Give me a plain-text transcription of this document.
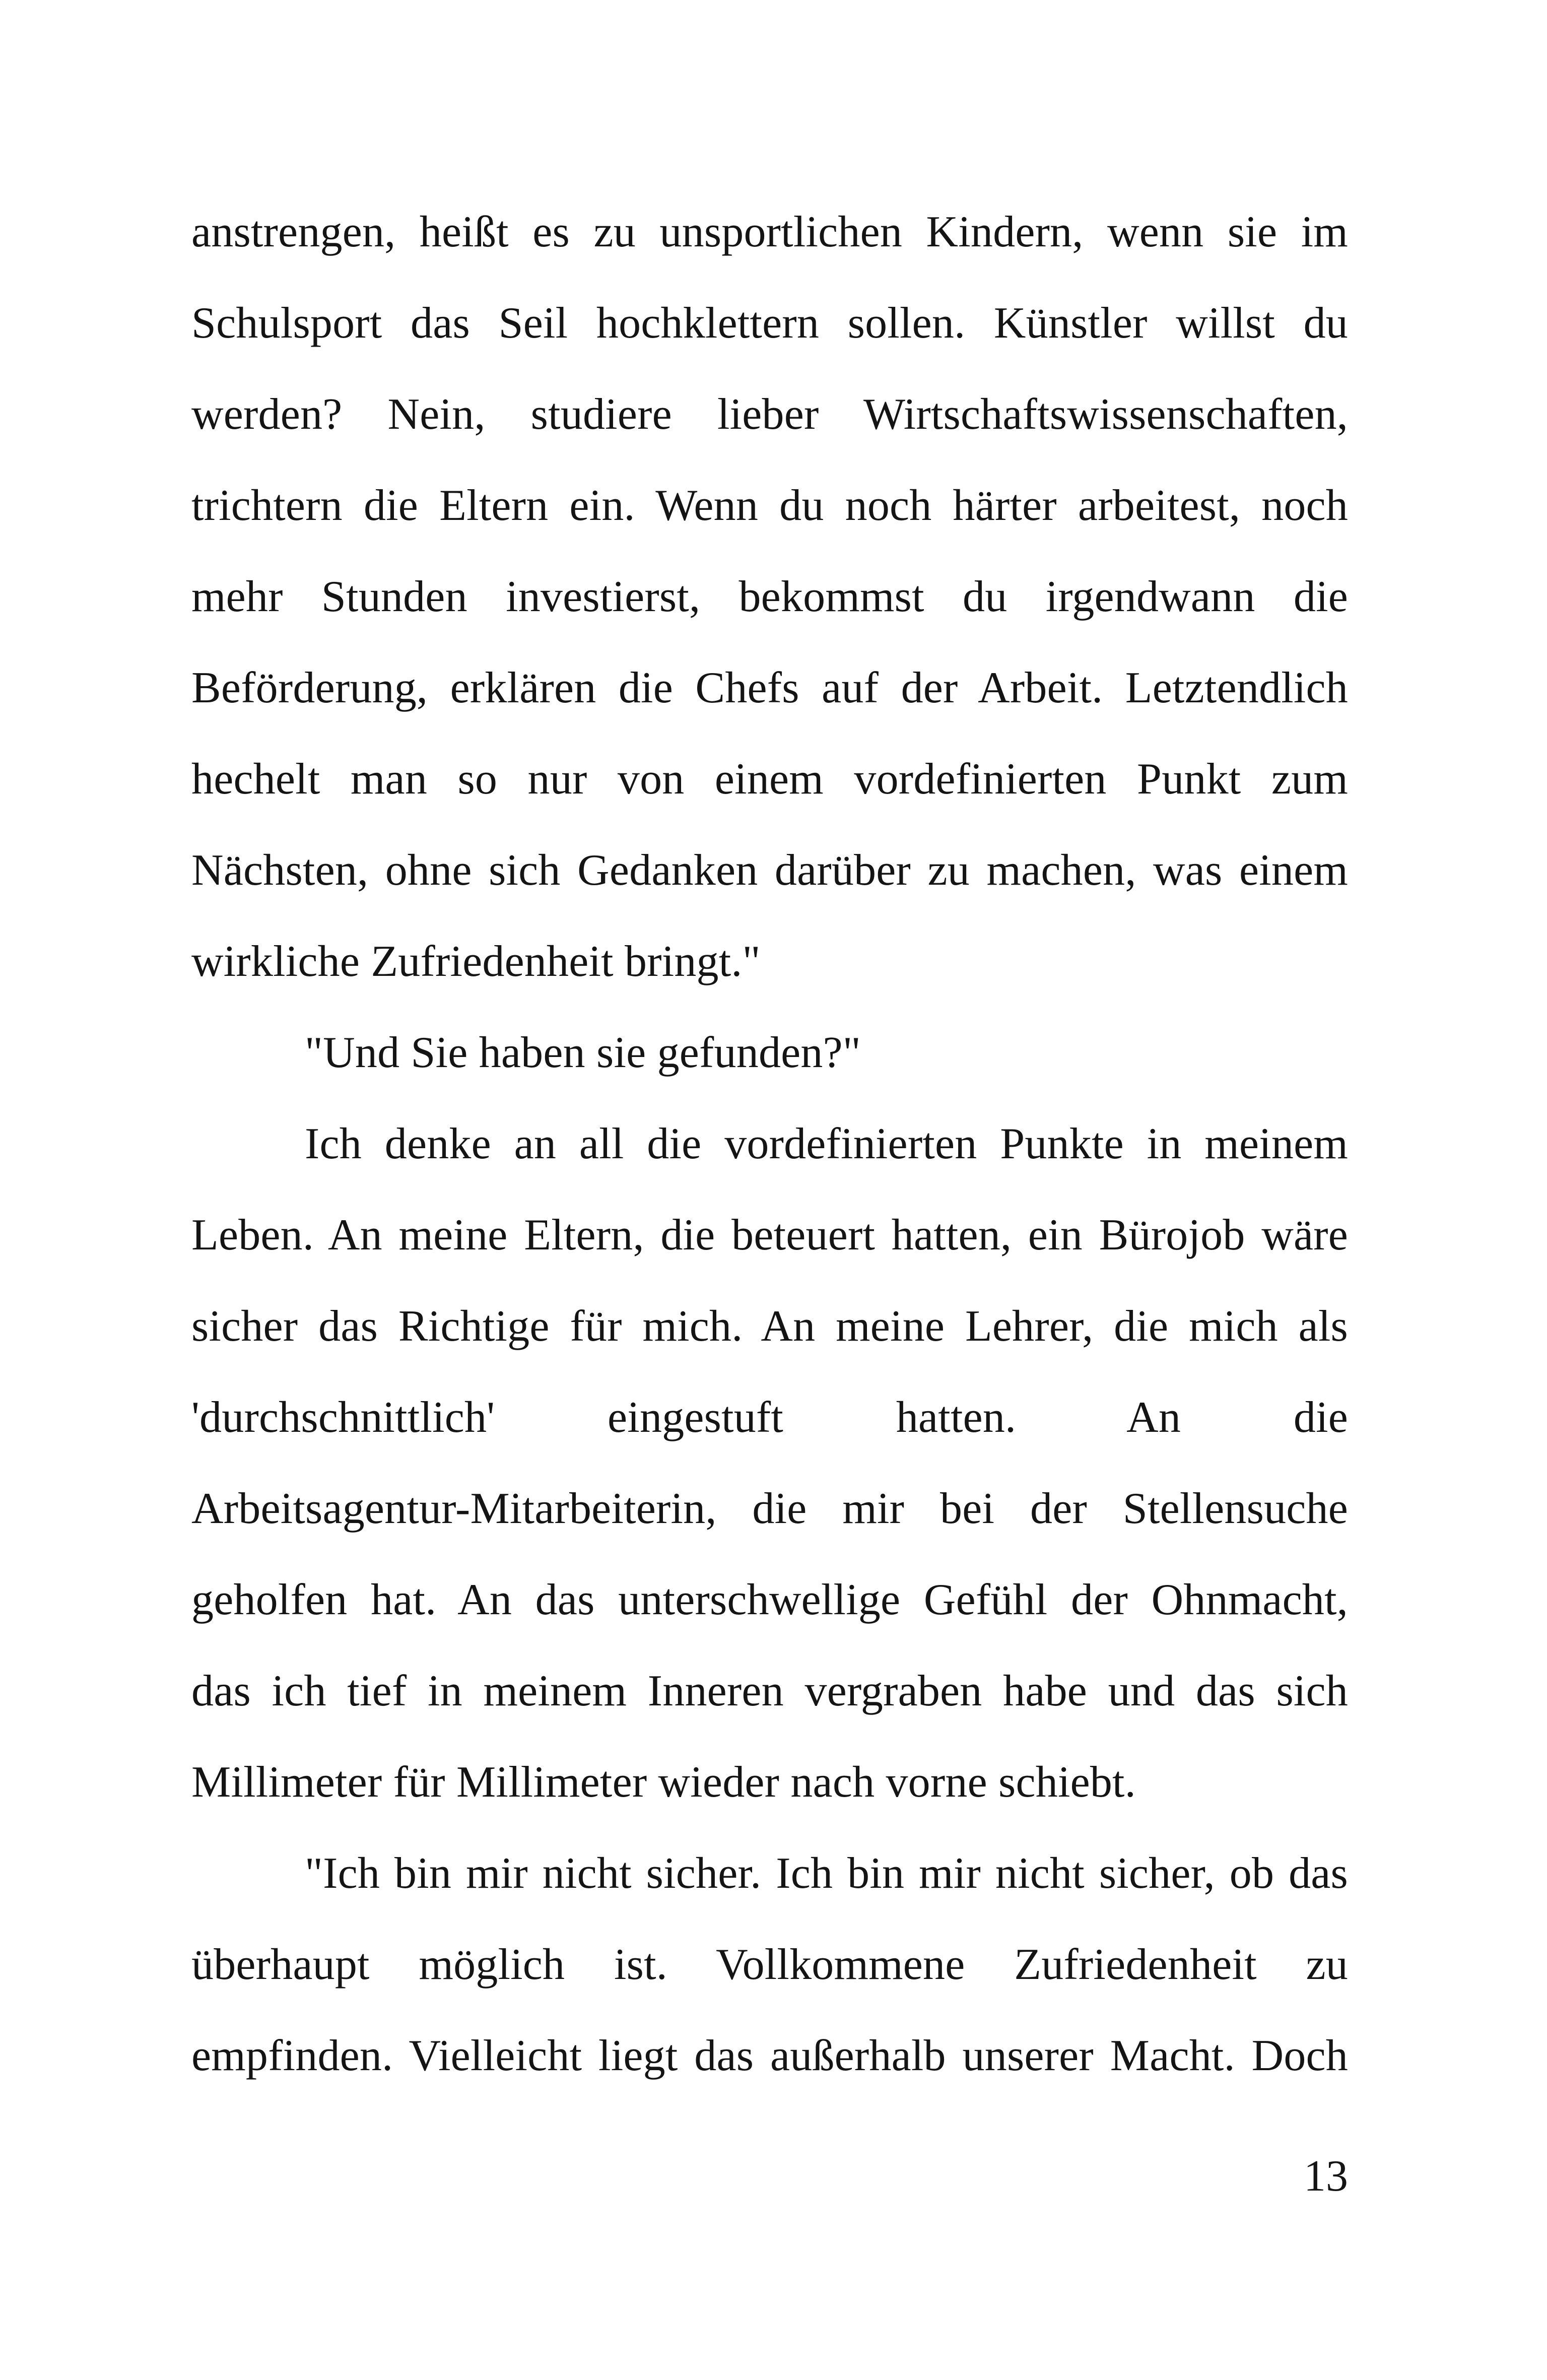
anstrengen, heißt es zu unsportlichen Kindern, wenn sie im
Schulsport das Seil hochklettern sollen. Künstler willst du
werden? Nein, studiere lieber Wirtschaftswissenschaften,
trichtern die Eltern ein. Wenn du noch härter arbeitest, noch
mehr Stunden investierst, bekommst du irgendwann die
Beförderung, erklären die Chefs auf der Arbeit. Letztendlich
hechelt man so nur von einem vordefinierten Punkt zum
Nächsten, ohne sich Gedanken darüber zu machen, was einem
wirkliche Zufriedenheit bringt."
"Und Sie haben sie gefunden?"
Ich denke an all die vordefinierten Punkte in meinem
Leben. An meine Eltern, die beteuert hatten, ein Bürojob wäre
sicher das Richtige für mich. An meine Lehrer, die mich als
'durchschnittlich' eingestuft hatten. An die
Arbeitsagentur-Mitarbeiterin, die mir bei der Stellensuche
geholfen hat. An das unterschwellige Gefühl der Ohnmacht,
das ich tief in meinem Inneren vergraben habe und das sich
Millimeter für Millimeter wieder nach vorne schiebt.
"Ich bin mir nicht sicher. Ich bin mir nicht sicher, ob das
überhaupt möglich ist. Vollkommene Zufriedenheit zu
empfinden. Vielleicht liegt das außerhalb unserer Macht. Doch
13
